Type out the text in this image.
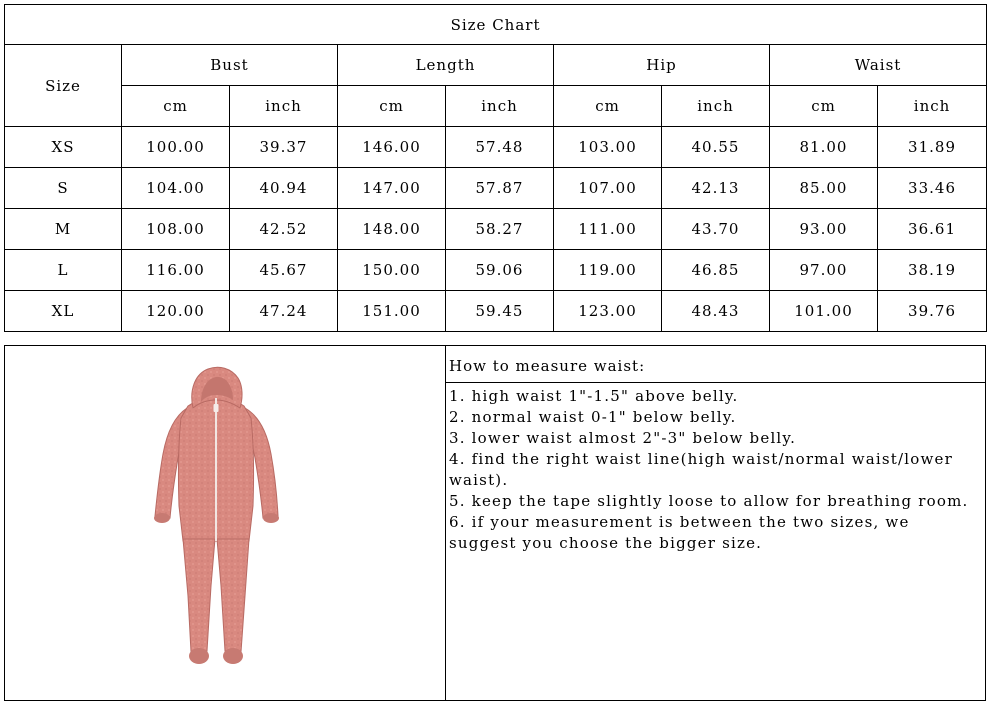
Size Chart								
Size	Bust		Length		Hip		Waist	
	cm	inch	cm	inch	cm	inch	cm	inch
XS	100.00	39.37	146.00	57.48	103.00	40.55	81.00	31.89
S	104.00	40.94	147.00	57.87	107.00	42.13	85.00	33.46
M	108.00	42.52	148.00	58.27	111.00	43.70	93.00	36.61
L	116.00	45.67	150.00	59.06	119.00	46.85	97.00	38.19
XL	120.00	47.24	151.00	59.45	123.00	48.43	101.00	39.76
How to measure waist:
1. high waist 1"-1.5" above belly.
2. normal waist 0-1" below belly.
3. lower waist almost 2"-3" below belly.
4. find the right waist line(high waist/normal waist/lower waist).
5. keep the tape slightly loose to allow for breathing room.
6. if your measurement is between the two sizes, we suggest you choose the bigger size.
